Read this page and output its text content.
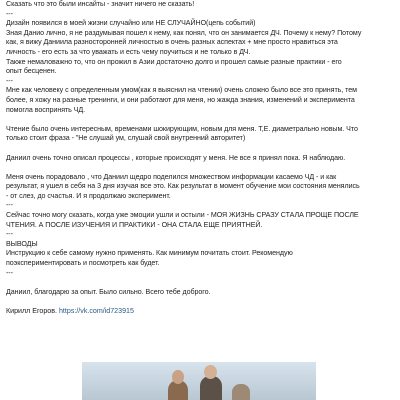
Сказать что это были инсайты - значит ничего не сказать!

---

Дизайн появился в моей жизни случайно или НЕ СЛУЧАЙНО(цепь событий)

Зная Данио лично, я не раздумывая пошел к нему, как понял, что он занимается ДЧ. Почему к нему? Потому

как, я вижу Даниила разносторонней личностью в очень разных аспектах + мне просто нравиться эта

личность - его есть за что уважать и есть чему поучиться и не только в ДЧ.

Также немаловажно то, что он прожил в Азии достаточно долго и прошел самые разные практики - его

опыт бесценен.

---

Мне как человеку с определенным умом(как я выяснил на чтении) очень сложно было все это принять, тем

более, я хожу на разные тренинги, и они работают для меня, но жажда знания, изменений и эксперимента

помогла воспринять ЧД.

Чтение было очень интересным, временами шокирующим, новым для меня. Т,Е. диаметрально новым. Что

только стоит фраза - "Не слушай ум, слушай свой внутренний авторитет)

Даниил очень точно описал процессы , которые происходят у меня. Не все я принял пока. Я наблюдаю.

Меня очень порадовало , что Даниил щедро поделился множеством информации касаемо ЧД - и как

результат, я ушел в себя на 3 дня изучая все это. Как результат в момент обучение мои состояния менялись

- от слез, до счастья. И я продолжаю эксперимент.

---

Сейчас точно могу сказать, когда уже эмоции ушли и остыли - МОЯ ЖИЗНЬ СРАЗУ СТАЛА ПРОЩЕ ПОСЛЕ

ЧТЕНИЯ. А ПОСЛЕ ИЗУЧЕНИЯ И ПРАКТИКИ - ОНА СТАЛА ЕЩЕ ПРИЯТНЕЙ.

---

ВЫВОДЫ

Инструкцию к себе самому нужно применять. Как минимум почитать стоит. Рекомендую

поэкспериментировать и посмотреть как будет.

---

Даниил, благодарю за опыт. Было сильно. Всего тебе доброго.

Кирилл Егоров. https://vk.com/id723915
